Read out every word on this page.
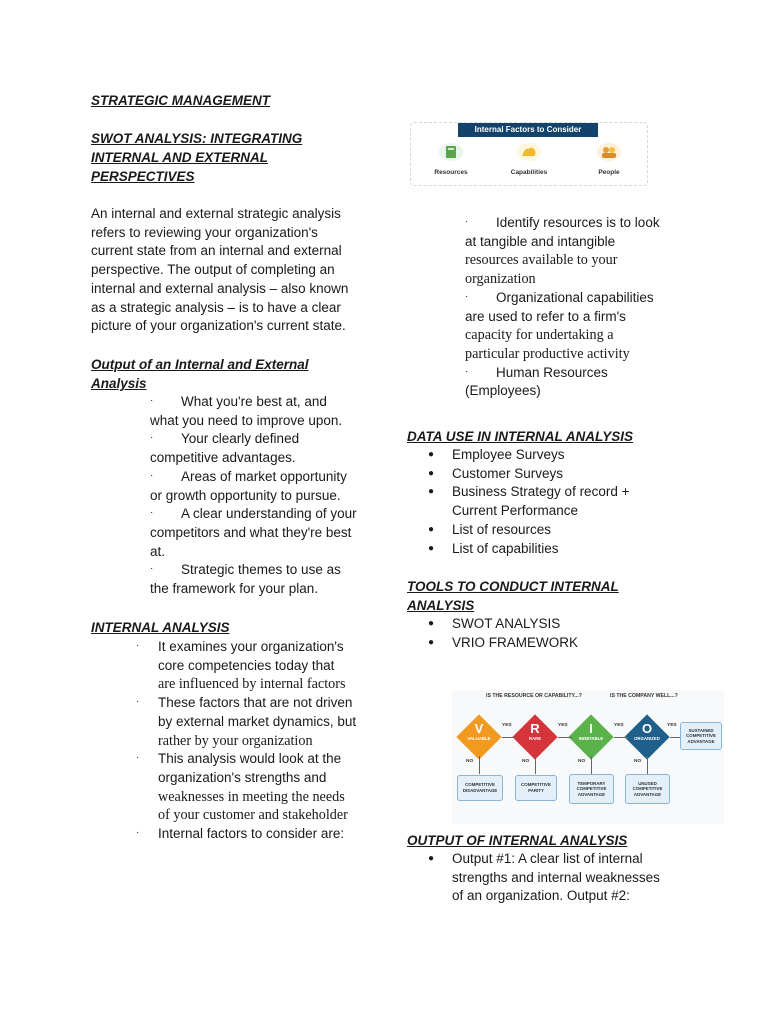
STRATEGIC MANAGEMENT

SWOT ANALYSIS: INTEGRATING

INTERNAL AND EXTERNAL

PERSPECTIVES

An internal and external strategic analysis
refers to reviewing your organization's
current state from an internal and external
perspective. The output of completing an
internal and external analysis – also known
as a strategic analysis – is to have a clear
picture of your organization's current state.

Output of an Internal and External

Analysis

· What you're best at, and
what you need to improve upon.
· Your clearly defined
competitive advantages.
· Areas of market opportunity
or growth opportunity to pursue.
· A clear understanding of your
competitors and what they're best
at.
· Strategic themes to use as
the framework for your plan.

INTERNAL ANALYSIS

·	It examines your organization's
core competencies today that
are influenced by internal factors
·	These factors that are not driven
by external market dynamics, but
rather by your organization
·	This analysis would look at the
organization's strengths and
weaknesses in meeting the needs
of your customer and stakeholder
·	Internal factors to consider are:
Internal Factors to Consider
Resources	Capabilities	People
·	Identify resources is to look
at tangible and intangible
resources available to your
organization
·	Organizational capabilities
are used to refer to a firm's
capacity for undertaking a
particular productive activity
·	Human Resources
(Employees)

DATA USE IN INTERNAL ANALYSIS

● Employee Surveys
● Customer Surveys
● Business Strategy of record +
Current Performance
● List of resources
● List of capabilities

TOOLS TO CONDUCT INTERNAL

ANALYSIS

● SWOT ANALYSIS
● VRIO FRAMEWORK

OUTPUT OF INTERNAL ANALYSIS

● Output #1: A clear list of internal
strengths and internal weaknesses
of an organization. Output #2:
IS THE RESOURCE OR CAPABILITY...?	IS THE COMPANY WELL...?
V
VALUABLE
R
RARE
I
INIMITABLE
O
ORGANIZED
YES	YES	YES	YES
SUSTAINED
COMPETITIVE
ADVANTAGE
NO	NO	NO	NO
COMPETITIVE
DISADVANTAGE
COMPETITIVE
PARITY
TEMPORARY
COMPETITIVE
ADVANTAGE
UNUSED
COMPETITIVE
ADVANTAGE
